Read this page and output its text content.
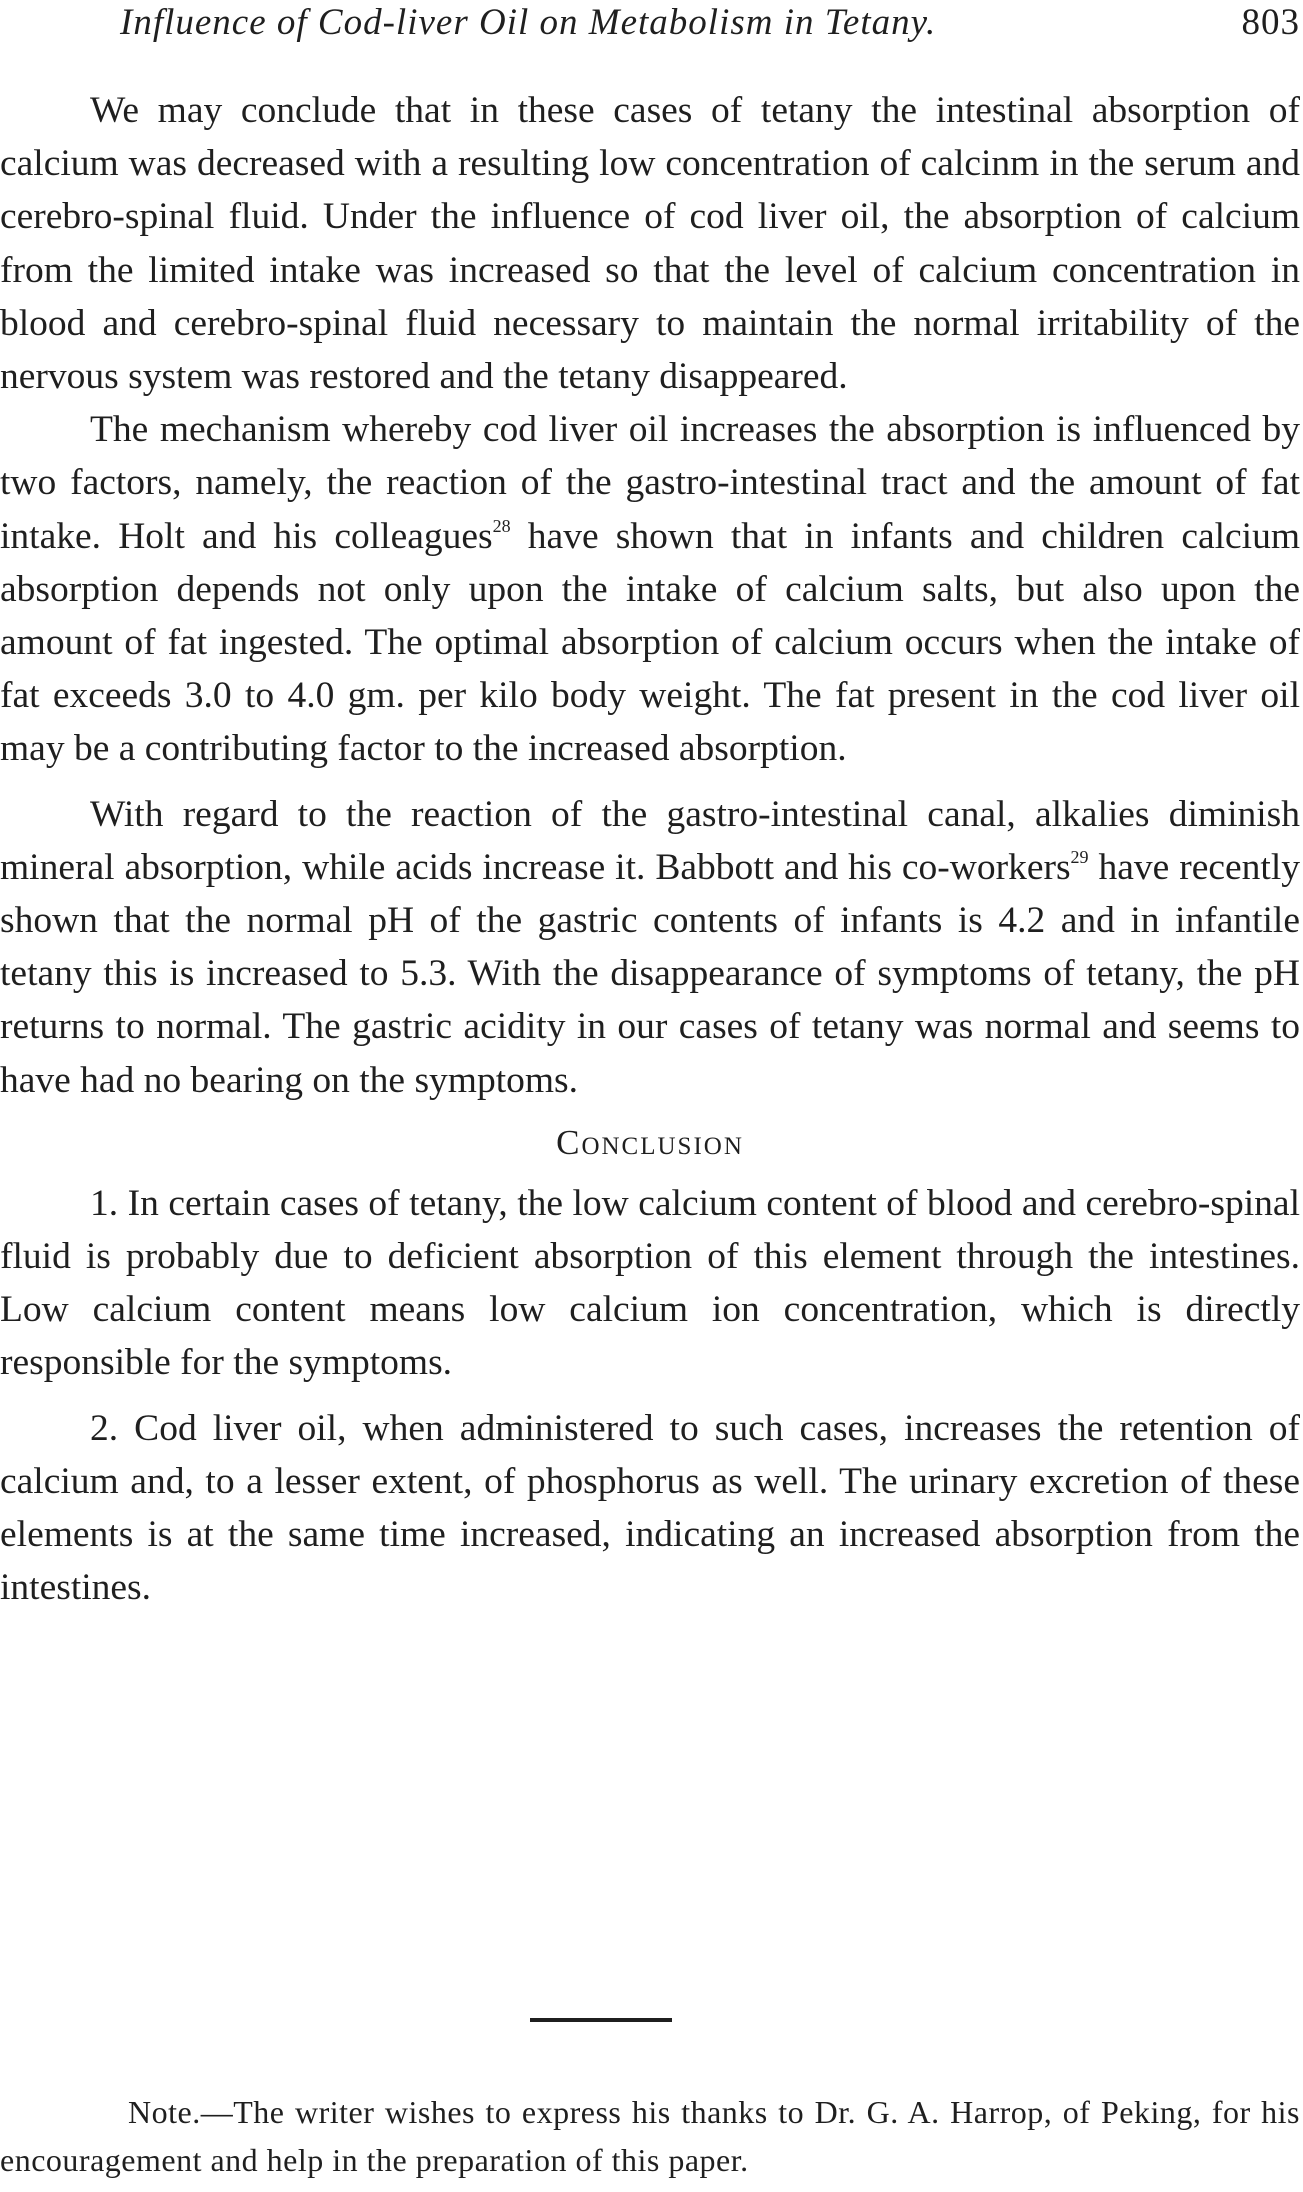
Influence of Cod-liver Oil on Metabolism in Tetany.	803

We may conclude that in these cases of tetany the intestinal absorption of calcium was decreased with a resulting low concentration of calcinm in the serum and cerebro-spinal fluid. Under the influence of cod liver oil, the absorption of calcium from the limited intake was increased so that the level of calcium concentration in blood and cerebro-spinal fluid necessary to maintain the normal irritability of the nervous system was restored and the tetany disappeared.

The mechanism whereby cod liver oil increases the absorption is influenced by two factors, namely, the reaction of the gastro-intestinal tract and the amount of fat intake. Holt and his colleagues$^{28}$ have shown that in infants and children calcium absorption depends not only upon the intake of calcium salts, but also upon the amount of fat ingested. The optimal absorption of calcium occurs when the intake of fat exceeds 3.0 to 4.0 gm. per kilo body weight. The fat present in the cod liver oil may be a contributing factor to the increased absorption.

With regard to the reaction of the gastro-intestinal canal, alkalies diminish mineral absorption, while acids increase it. Babbott and his co-workers$^{29}$ have recently shown that the normal pH of the gastric contents of infants is 4.2 and in infantile tetany this is increased to 5.3. With the disappearance of symptoms of tetany, the pH returns to normal. The gastric acidity in our cases of tetany was normal and seems to have had no bearing on the symptoms.

Conclusion

1. In certain cases of tetany, the low calcium content of blood and cerebro-spinal fluid is probably due to deficient absorption of this element through the intestines. Low calcium content means low calcium ion concentration, which is directly responsible for the symptoms.

2. Cod liver oil, when administered to such cases, increases the retention of calcium and, to a lesser extent, of phosphorus as well. The urinary excretion of these elements is at the same time increased, indicating an increased absorption from the intestines.

Note.—The writer wishes to express his thanks to Dr. G. A. Harrop, of Peking, for his encouragement and help in the preparation of this paper.
